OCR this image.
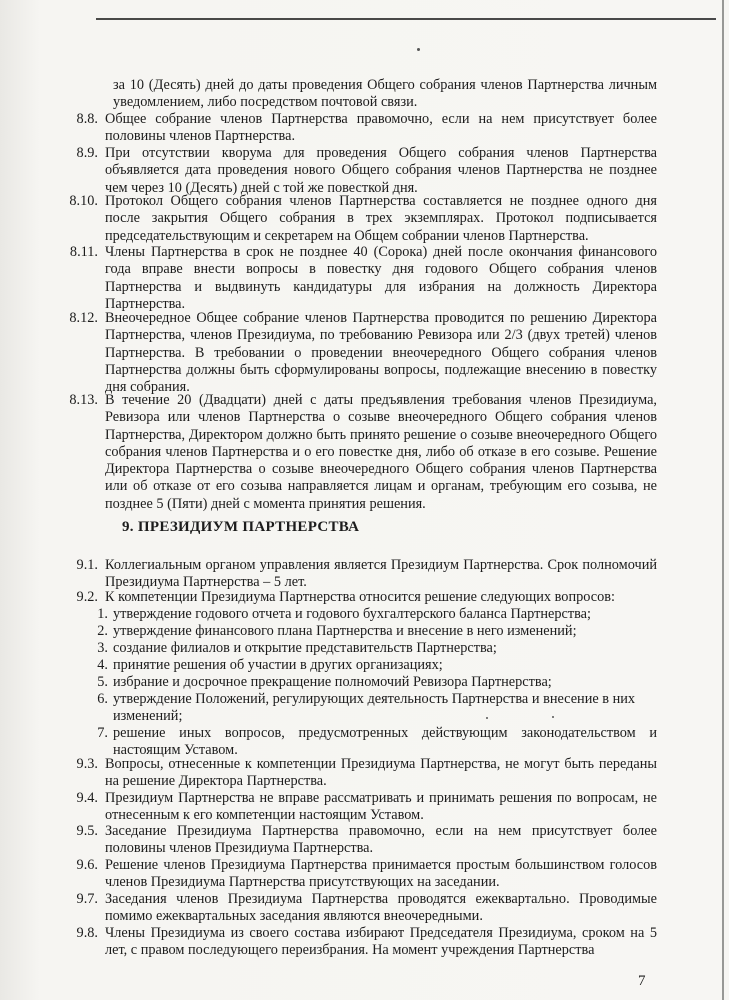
за 10 (Десять) дней до даты проведения Общего собрания членов Партнерства личным уведомлением, либо посредством почтовой связи.
8.8. Общее собрание членов Партнерства правомочно, если на нем присутствует более половины членов Партнерства.
8.9. При отсутствии кворума для проведения Общего собрания членов Партнерства объявляется дата проведения нового Общего собрания членов Партнерства не позднее чем через 10 (Десять) дней с той же повесткой дня.
8.10. Протокол Общего собрания членов Партнерства составляется не позднее одного дня после закрытия Общего собрания в трех экземплярах. Протокол подписывается председательствующим и секретарем на Общем собрании членов Партнерства.
8.11. Члены Партнерства в срок не позднее 40 (Сорока) дней после окончания финансового года вправе внести вопросы в повестку дня годового Общего собрания членов Партнерства и выдвинуть кандидатуры для избрания на должность Директора Партнерства.
8.12. Внеочередное Общее собрание членов Партнерства проводится по решению Директора Партнерства, членов Президиума, по требованию Ревизора или 2/3 (двух третей) членов Партнерства. В требовании о проведении внеочередного Общего собрания членов Партнерства должны быть сформулированы вопросы, подлежащие внесению в повестку дня собрания.
8.13. В течение 20 (Двадцати) дней с даты предъявления требования членов Президиума, Ревизора или членов Партнерства о созыве внеочередного Общего собрания членов Партнерства, Директором должно быть принято решение о созыве внеочередного Общего собрания членов Партнерства и о его повестке дня, либо об отказе в его созыве. Решение Директора Партнерства о созыве внеочередного Общего собрания членов Партнерства или об отказе от его созыва направляется лицам и органам, требующим его созыва, не позднее 5 (Пяти) дней с момента принятия решения.
9. ПРЕЗИДИУМ ПАРТНЕРСТВА
9.1. Коллегиальным органом управления является Президиум Партнерства. Срок полномочий Президиума Партнерства – 5 лет.
9.2. К компетенции Президиума Партнерства относится решение следующих вопросов:
1. утверждение годового отчета и годового бухгалтерского баланса Партнерства;
2. утверждение финансового плана Партнерства и внесение в него изменений;
3. создание филиалов и открытие представительств Партнерства;
4. принятие решения об участии в других организациях;
5. избрание и досрочное прекращение полномочий Ревизора Партнерства;
6. утверждение Положений, регулирующих деятельность Партнерства и внесение в них изменений;
7. решение иных вопросов, предусмотренных действующим законодательством и настоящим Уставом.
9.3. Вопросы, отнесенные к компетенции Президиума Партнерства, не могут быть переданы на решение Директора Партнерства.
9.4. Президиум Партнерства не вправе рассматривать и принимать решения по вопросам, не отнесенным к его компетенции настоящим Уставом.
9.5. Заседание Президиума Партнерства правомочно, если на нем присутствует более половины членов Президиума Партнерства.
9.6. Решение членов Президиума Партнерства принимается простым большинством голосов членов Президиума Партнерства присутствующих на заседании.
9.7. Заседания членов Президиума Партнерства проводятся ежеквартально. Проводимые помимо ежеквартальных заседания являются внеочередными.
9.8. Члены Президиума из своего состава избирают Председателя Президиума, сроком на 5 лет, с правом последующего переизбрания. На момент учреждения Партнерства
7
